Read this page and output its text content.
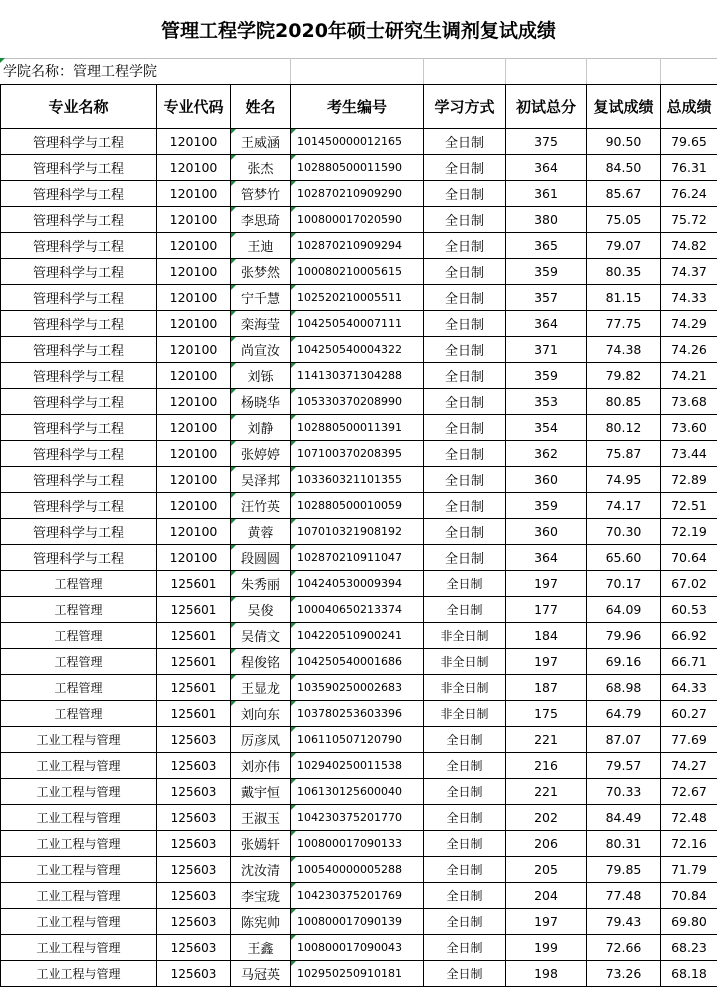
管理工程学院2020年硕士研究生调剂复试成绩
学院名称：管理工程学院
专业名称	专业代码	姓名	考生编号	学习方式	初试总分	复试成绩	总成绩
管理科学与工程	120100	王威涵	101450000012165	全日制	375	90.50	79.65
管理科学与工程	120100	张杰	102880500011590	全日制	364	84.50	76.31
管理科学与工程	120100	管梦竹	102870210909290	全日制	361	85.67	76.24
管理科学与工程	120100	李思琦	100800017020590	全日制	380	75.05	75.72
管理科学与工程	120100	王迪	102870210909294	全日制	365	79.07	74.82
管理科学与工程	120100	张梦然	100080210005615	全日制	359	80.35	74.37
管理科学与工程	120100	宁千慧	102520210005511	全日制	357	81.15	74.33
管理科学与工程	120100	栾海莹	104250540007111	全日制	364	77.75	74.29
管理科学与工程	120100	尚宣汝	104250540004322	全日制	371	74.38	74.26
管理科学与工程	120100	刘铄	114130371304288	全日制	359	79.82	74.21
管理科学与工程	120100	杨晓华	105330370208990	全日制	353	80.85	73.68
管理科学与工程	120100	刘静	102880500011391	全日制	354	80.12	73.60
管理科学与工程	120100	张婷婷	107100370208395	全日制	362	75.87	73.44
管理科学与工程	120100	吴泽邦	103360321101355	全日制	360	74.95	72.89
管理科学与工程	120100	汪竹英	102880500010059	全日制	359	74.17	72.51
管理科学与工程	120100	黄蓉	107010321908192	全日制	360	70.30	72.19
管理科学与工程	120100	段圆圆	102870210911047	全日制	364	65.60	70.64
工程管理	125601	朱秀丽	104240530009394	全日制	197	70.17	67.02
工程管理	125601	吴俊	100040650213374	全日制	177	64.09	60.53
工程管理	125601	吴倩文	104220510900241	非全日制	184	79.96	66.92
工程管理	125601	程俊铭	104250540001686	非全日制	197	69.16	66.71
工程管理	125601	王显龙	103590250002683	非全日制	187	68.98	64.33
工程管理	125601	刘向东	103780253603396	非全日制	175	64.79	60.27
工业工程与管理	125603	厉彦凤	106110507120790	全日制	221	87.07	77.69
工业工程与管理	125603	刘亦伟	102940250011538	全日制	216	79.57	74.27
工业工程与管理	125603	戴宇恒	106130125600040	全日制	221	70.33	72.67
工业工程与管理	125603	王淑玉	104230375201770	全日制	202	84.49	72.48
工业工程与管理	125603	张嫣轩	100800017090133	全日制	206	80.31	72.16
工业工程与管理	125603	沈汝清	100540000005288	全日制	205	79.85	71.79
工业工程与管理	125603	李宝珑	104230375201769	全日制	204	77.48	70.84
工业工程与管理	125603	陈宪帅	100800017090139	全日制	197	79.43	69.80
工业工程与管理	125603	王鑫	100800017090043	全日制	199	72.66	68.23
工业工程与管理	125603	马冠英	102950250910181	全日制	198	73.26	68.18
